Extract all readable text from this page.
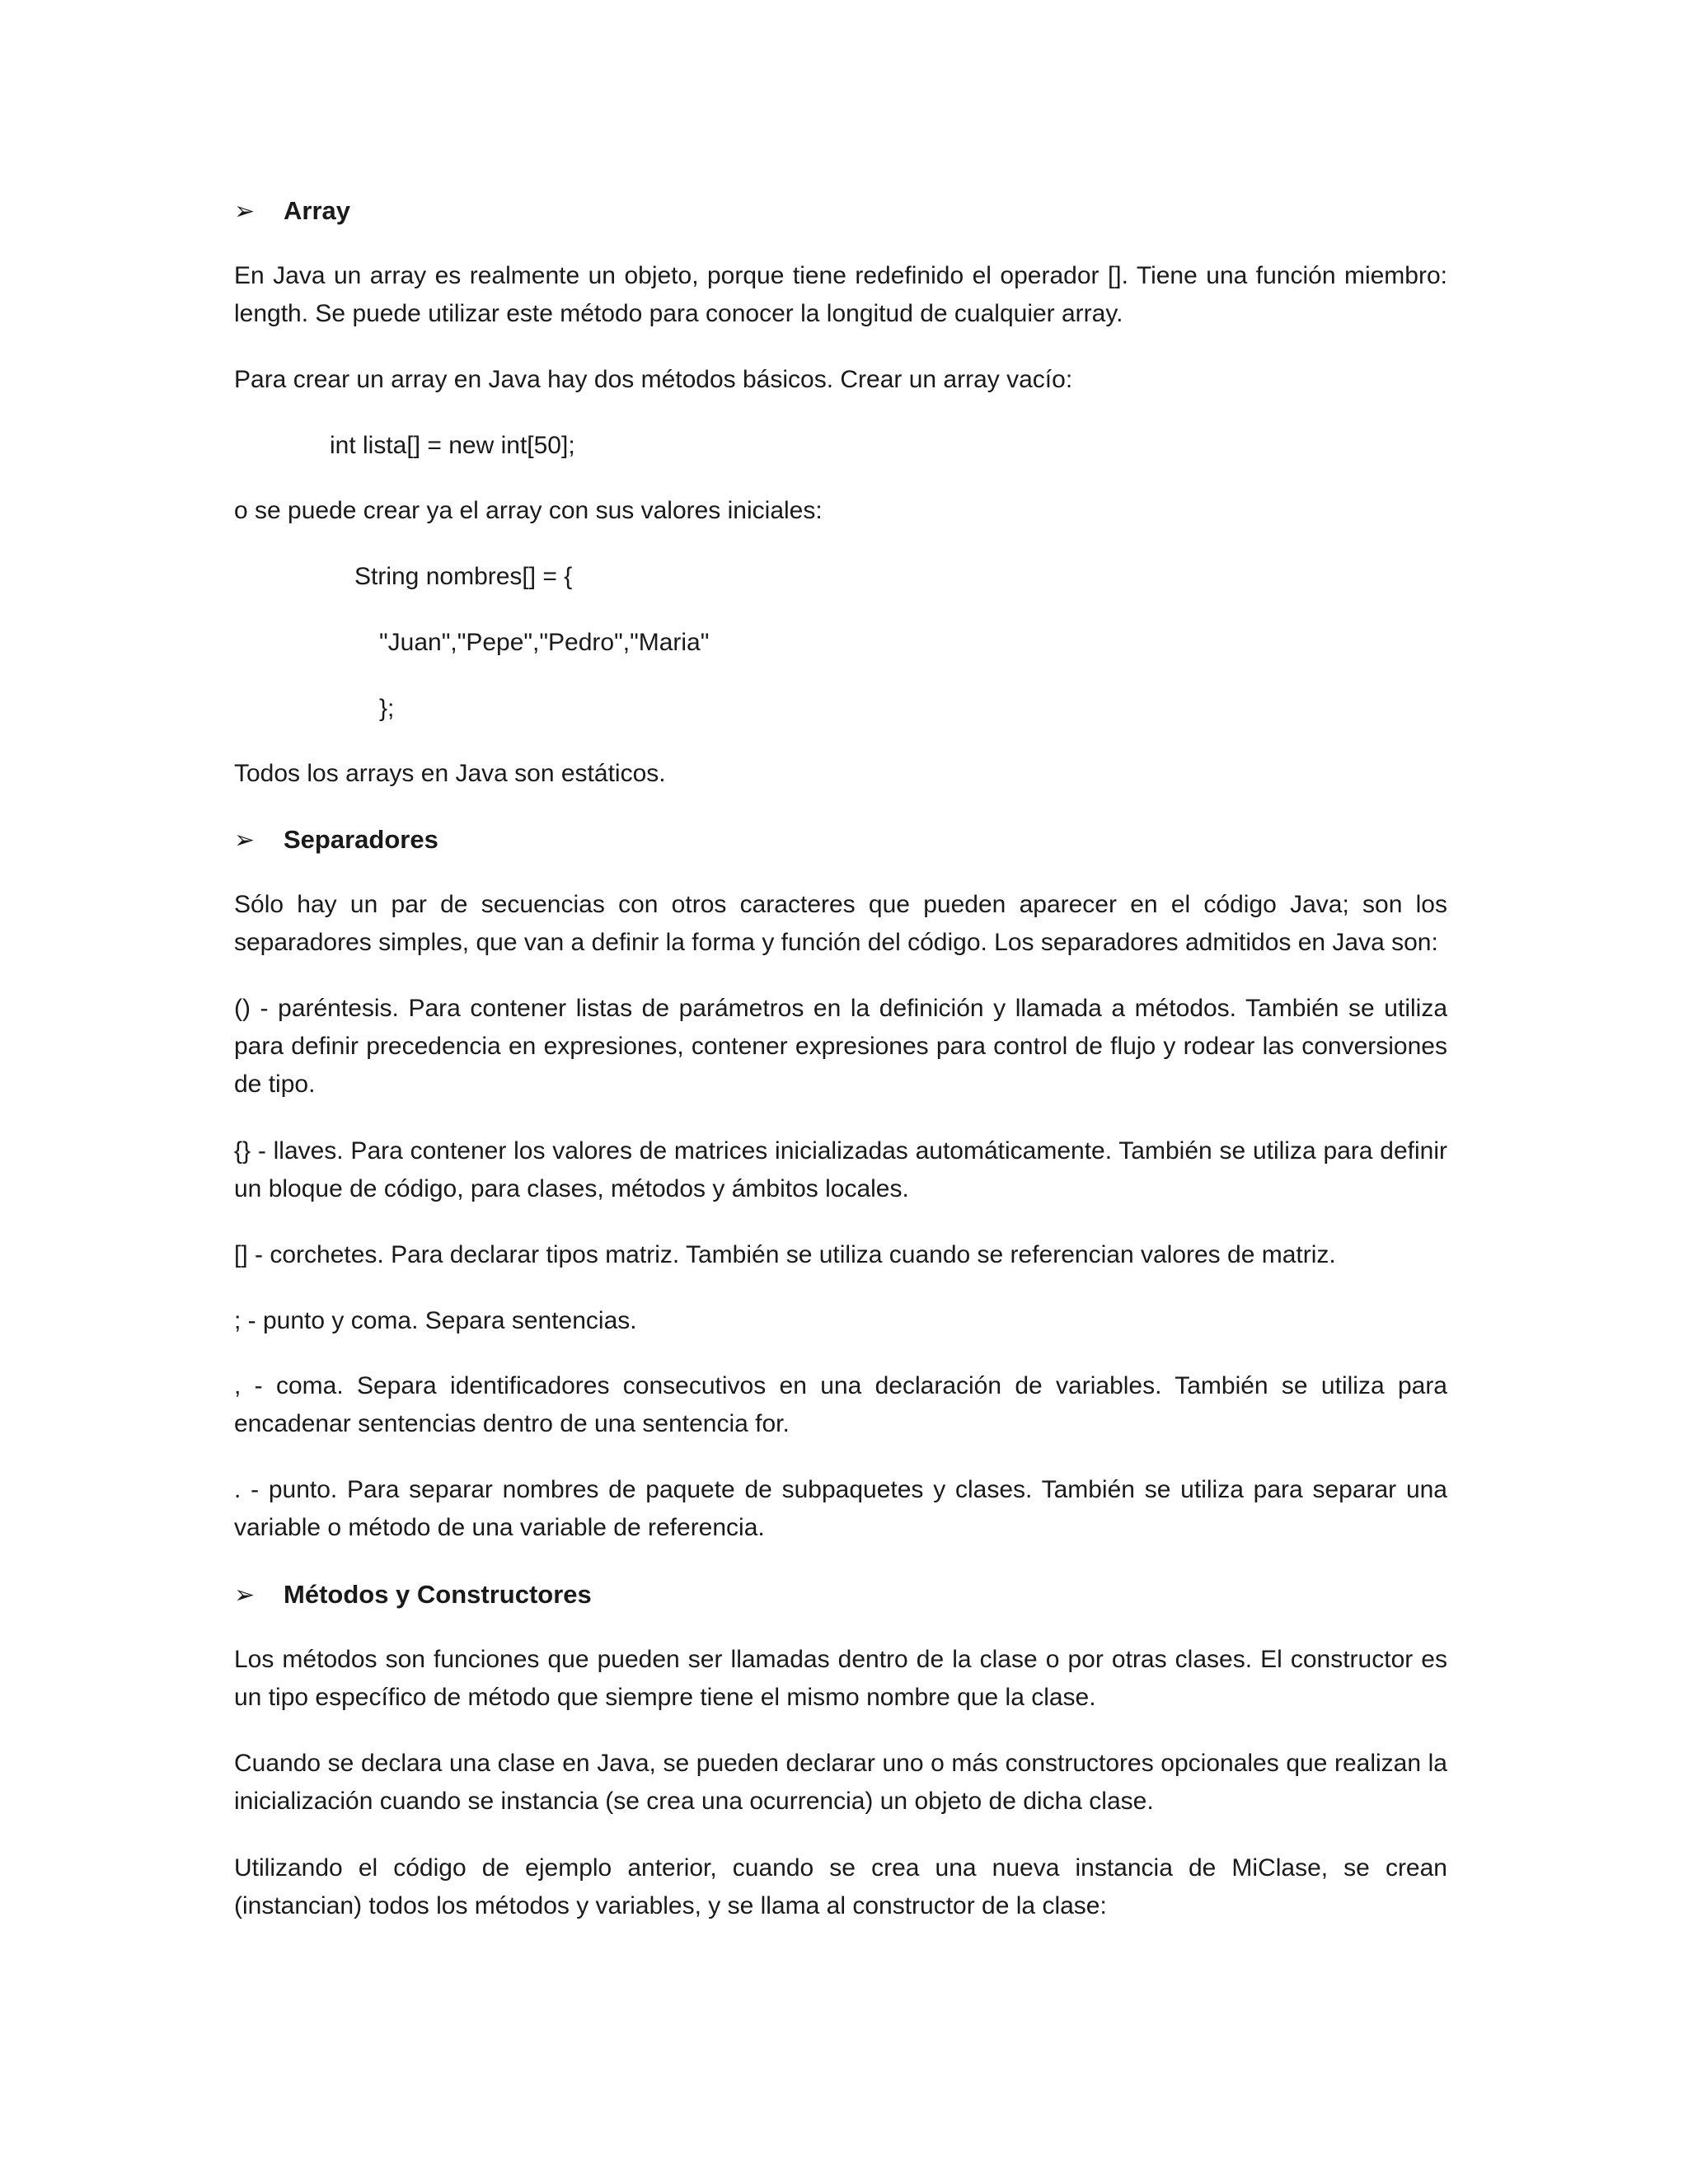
➢ Array
En Java un array es realmente un objeto, porque tiene redefinido el operador []. Tiene una función miembro: length. Se puede utilizar este método para conocer la longitud de cualquier array.
Para crear un array en Java hay dos métodos básicos. Crear un array vacío:
int lista[] = new int[50];
o se puede crear ya el array con sus valores iniciales:
String nombres[] = {
"Juan","Pepe","Pedro","Maria"
};
Todos los arrays en Java son estáticos.
➢ Separadores
Sólo hay un par de secuencias con otros caracteres que pueden aparecer en el código Java; son los separadores simples, que van a definir la forma y función del código. Los separadores admitidos en Java son:
() - paréntesis. Para contener listas de parámetros en la definición y llamada a métodos. También se utiliza para definir precedencia en expresiones, contener expresiones para control de flujo y rodear las conversiones de tipo.
{} - llaves. Para contener los valores de matrices inicializadas automáticamente. También se utiliza para definir un bloque de código, para clases, métodos y ámbitos locales.
[] - corchetes. Para declarar tipos matriz. También se utiliza cuando se referencian valores de matriz.
; - punto y coma. Separa sentencias.
, - coma. Separa identificadores consecutivos en una declaración de variables. También se utiliza para encadenar sentencias dentro de una sentencia for.
. - punto. Para separar nombres de paquete de subpaquetes y clases. También se utiliza para separar una variable o método de una variable de referencia.
➢ Métodos y Constructores
Los métodos son funciones que pueden ser llamadas dentro de la clase o por otras clases. El constructor es un tipo específico de método que siempre tiene el mismo nombre que la clase.
Cuando se declara una clase en Java, se pueden declarar uno o más constructores opcionales que realizan la inicialización cuando se instancia (se crea una ocurrencia) un objeto de dicha clase.
Utilizando el código de ejemplo anterior, cuando se crea una nueva instancia de MiClase, se crean (instancian) todos los métodos y variables, y se llama al constructor de la clase:
